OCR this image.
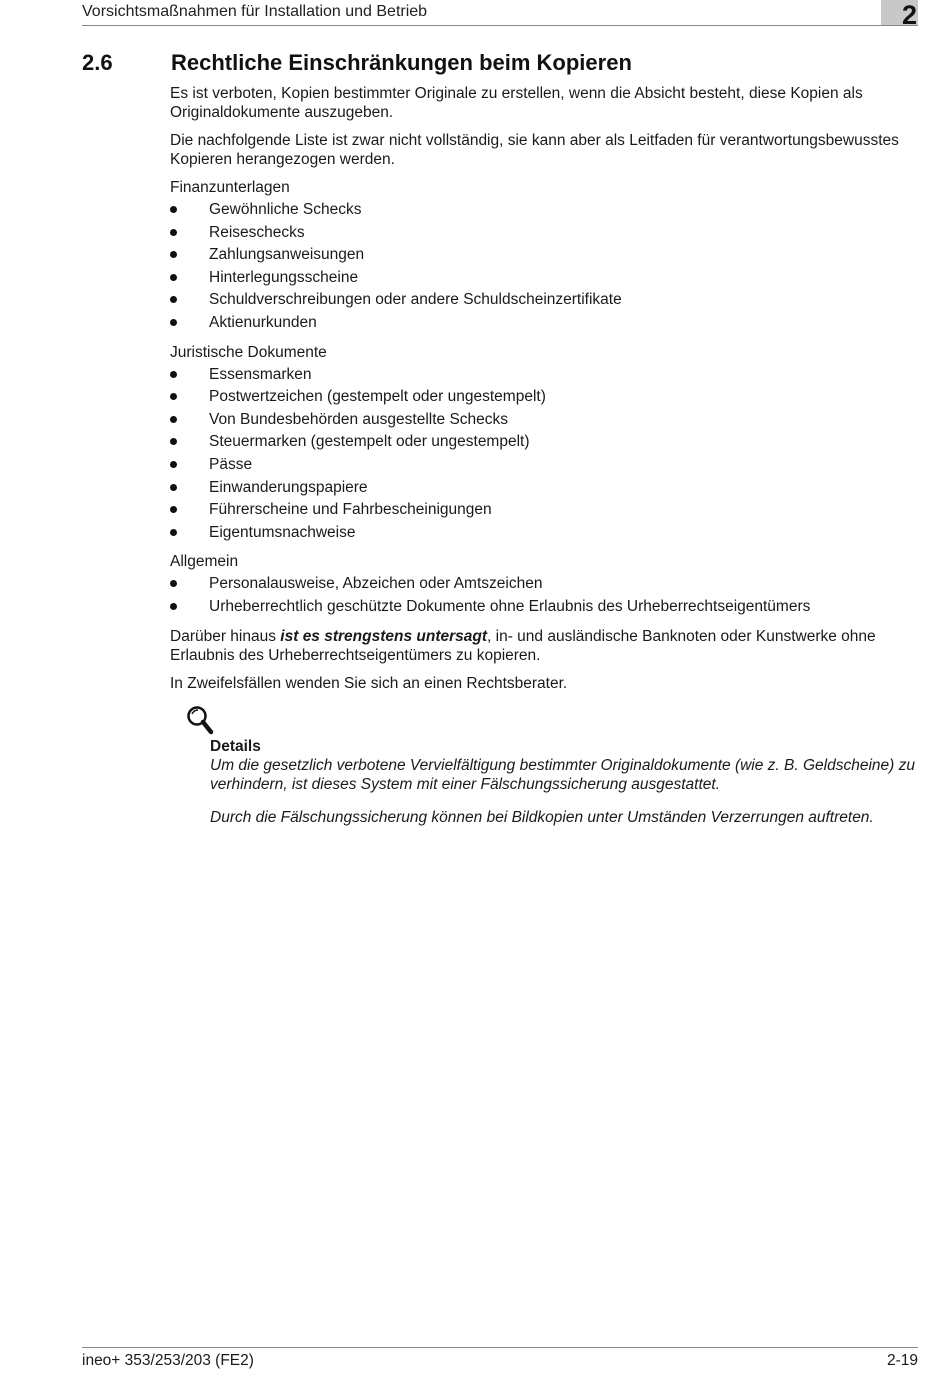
Vorsichtsmaßnahmen für Installation und Betrieb	2
2.6	Rechtliche Einschränkungen beim Kopieren

Es ist verboten, Kopien bestimmter Originale zu erstellen, wenn die Absicht besteht, diese Kopien als Originaldokumente auszugeben.

Die nachfolgende Liste ist zwar nicht vollständig, sie kann aber als Leitfaden für verantwortungsbewusstes Kopieren herangezogen werden.

Finanzunterlagen

Gewöhnliche Schecks
Reiseschecks
Zahlungsanweisungen
Hinterlegungsscheine
Schuldverschreibungen oder andere Schuldscheinzertifikate
Aktienurkunden

Juristische Dokumente

Essensmarken
Postwertzeichen (gestempelt oder ungestempelt)
Von Bundesbehörden ausgestellte Schecks
Steuermarken (gestempelt oder ungestempelt)
Pässe
Einwanderungspapiere
Führerscheine und Fahrbescheinigungen
Eigentumsnachweise

Allgemein

Personalausweise, Abzeichen oder Amtszeichen
Urheberrechtlich geschützte Dokumente ohne Erlaubnis des Urheberrechtseigentümers

Darüber hinaus ist es strengstens untersagt, in- und ausländische Banknoten oder Kunstwerke ohne Erlaubnis des Urheberrechtseigentümers zu kopieren.

In Zweifelsfällen wenden Sie sich an einen Rechtsberater.

Details

Um die gesetzlich verbotene Vervielfältigung bestimmter Originaldokumente (wie z. B. Geldscheine) zu verhindern, ist dieses System mit einer Fälschungssicherung ausgestattet.

Durch die Fälschungssicherung können bei Bildkopien unter Umständen Verzerrungen auftreten.

ineo+ 353/253/203 (FE2)	2-19
